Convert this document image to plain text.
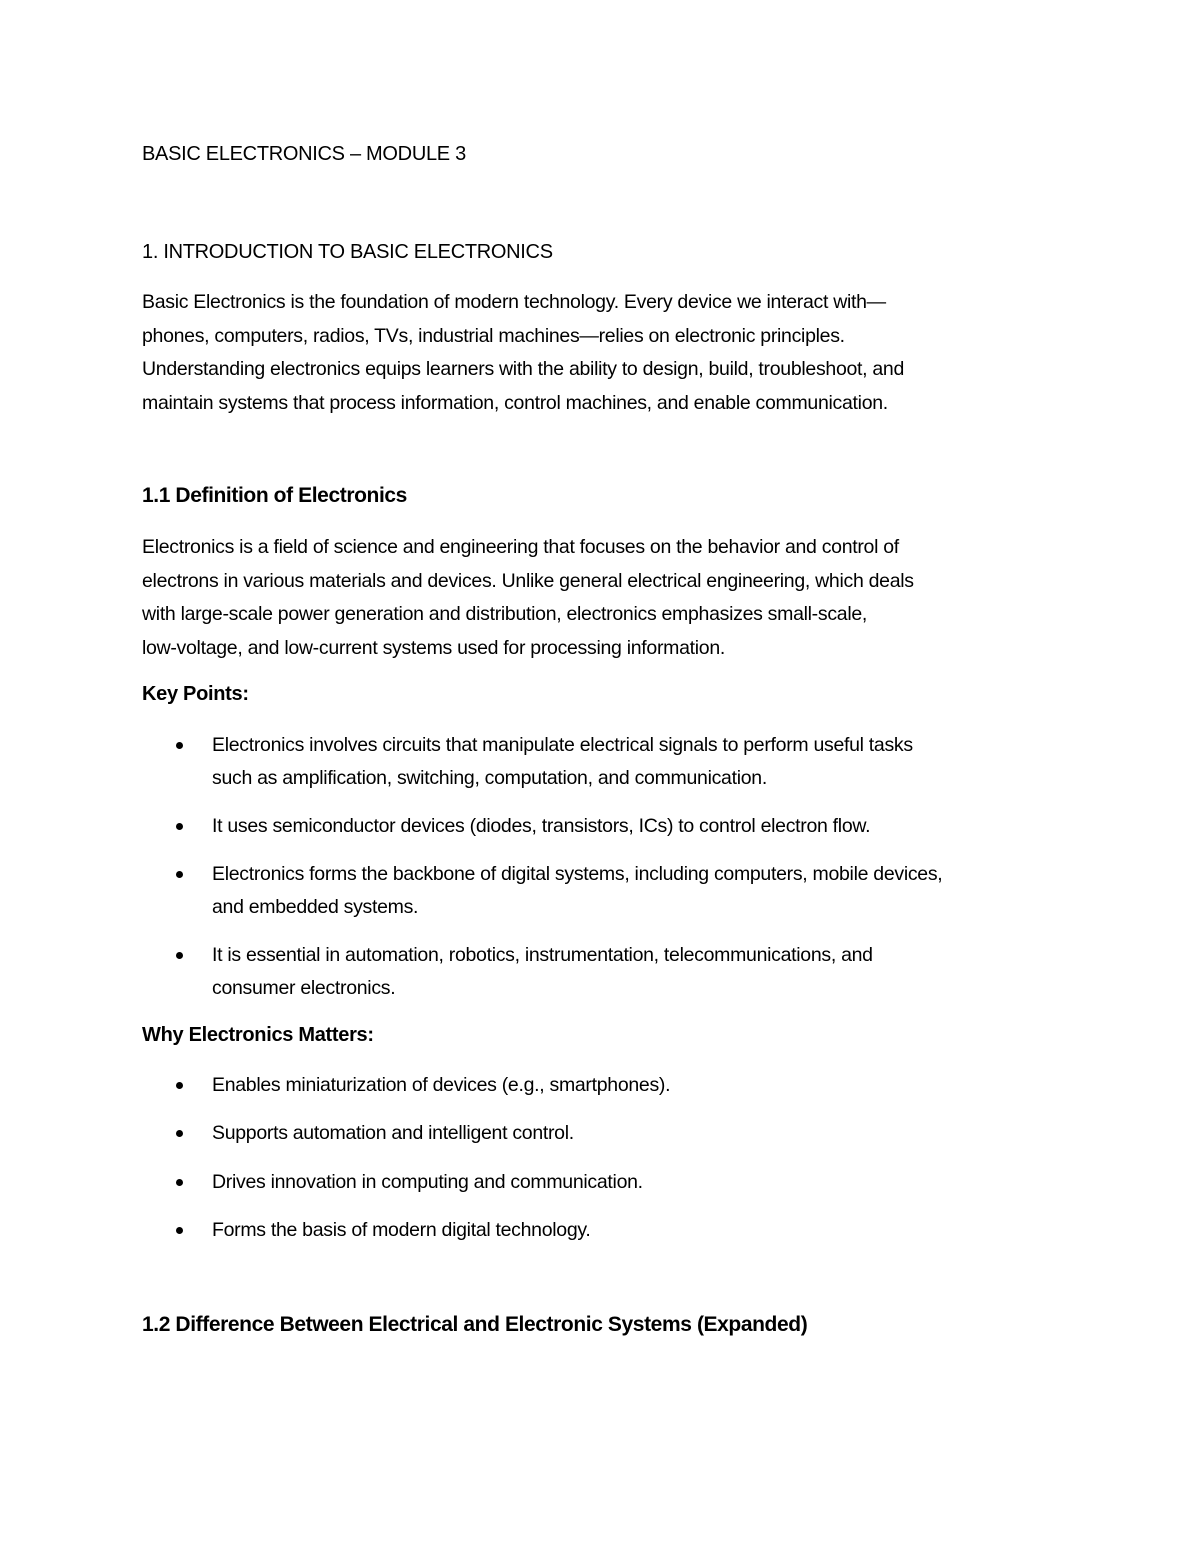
BASIC ELECTRONICS – MODULE 3
1. INTRODUCTION TO BASIC ELECTRONICS
Basic Electronics is the foundation of modern technology. Every device we interact with—
phones, computers, radios, TVs, industrial machines—relies on electronic principles.
Understanding electronics equips learners with the ability to design, build, troubleshoot, and
maintain systems that process information, control machines, and enable communication.
1.1 Definition of Electronics
Electronics is a field of science and engineering that focuses on the behavior and control of
electrons in various materials and devices. Unlike general electrical engineering, which deals
with large-scale power generation and distribution, electronics emphasizes small-scale,
low-voltage, and low-current systems used for processing information.
Key Points:
Electronics involves circuits that manipulate electrical signals to perform useful tasks
such as amplification, switching, computation, and communication.
It uses semiconductor devices (diodes, transistors, ICs) to control electron flow.
Electronics forms the backbone of digital systems, including computers, mobile devices,
and embedded systems.
It is essential in automation, robotics, instrumentation, telecommunications, and
consumer electronics.
Why Electronics Matters:
Enables miniaturization of devices (e.g., smartphones).
Supports automation and intelligent control.
Drives innovation in computing and communication.
Forms the basis of modern digital technology.
1.2 Difference Between Electrical and Electronic Systems (Expanded)
